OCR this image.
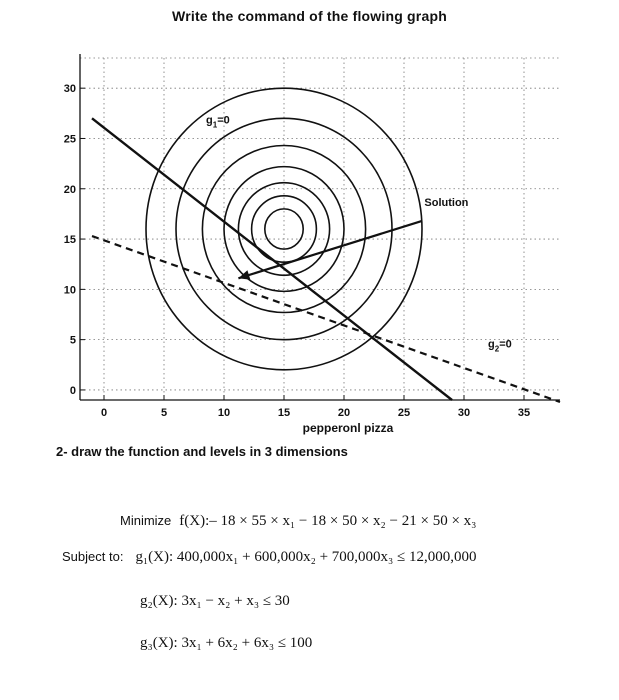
Write the command of the flowing graph
Solution
$g_1=0$
$g_2=0$
0	5	10	15	20	25	30	35
0
5
10
15
20
25
30
pepperonl pizza
2- draw the function and levels in 3 dimensions
Minimize f(X):– 18 × 55 × x₁ − 18 × 50 × x₂ − 21 × 50 × x₃
Subject to: g₁(X): 400,000x₁ + 600,000x₂ + 700,000x₃ ≤ 12,000,000
g₂(X): 3x₁ − x₂ + x₃ ≤ 30
g₃(X): 3x₁ + 6x₂ + 6x₃ ≤ 100
